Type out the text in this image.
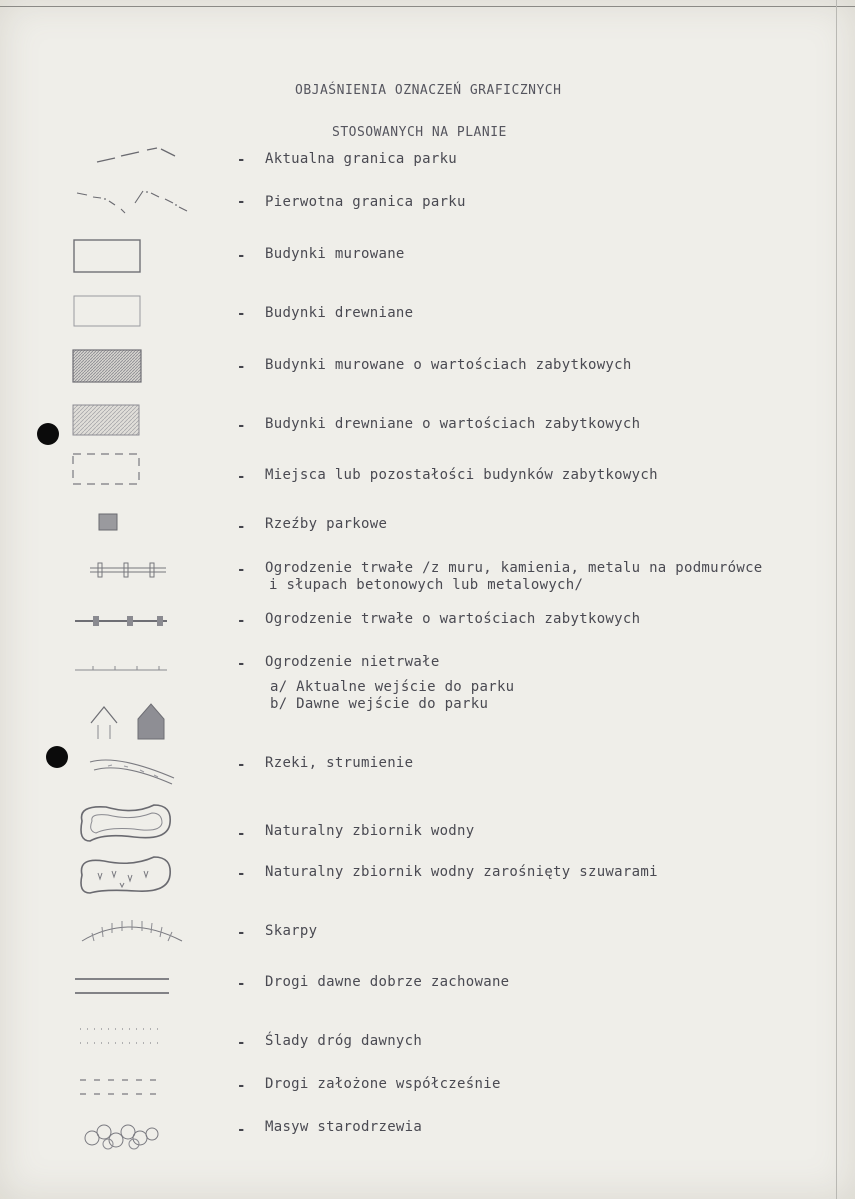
OBJAŚNIENIA OZNACZEŃ GRAFICZNYCH
STOSOWANYCH NA PLANIE
- Aktualna granica parku
- Pierwotna granica parku
- Budynki murowane
- Budynki drewniane
- Budynki murowane o wartościach zabytkowych
- Budynki drewniane o wartościach zabytkowych
- Miejsca lub pozostałości budynków zabytkowych
- Rzeźby parkowe
- Ogrodzenie trwałe /z muru, kamienia, metalu na podmurówce
i słupach betonowych lub metalowych/
- Ogrodzenie trwałe o wartościach zabytkowych
- Ogrodzenie nietrwałe
a/ Aktualne wejście do parku
b/ Dawne wejście do parku
- Rzeki, strumienie
- Naturalny zbiornik wodny
- Naturalny zbiornik wodny zarośnięty szuwarami
- Skarpy
- Drogi dawne dobrze zachowane
- Ślady dróg dawnych
- Drogi założone współcześnie
- Masyw starodrzewia
